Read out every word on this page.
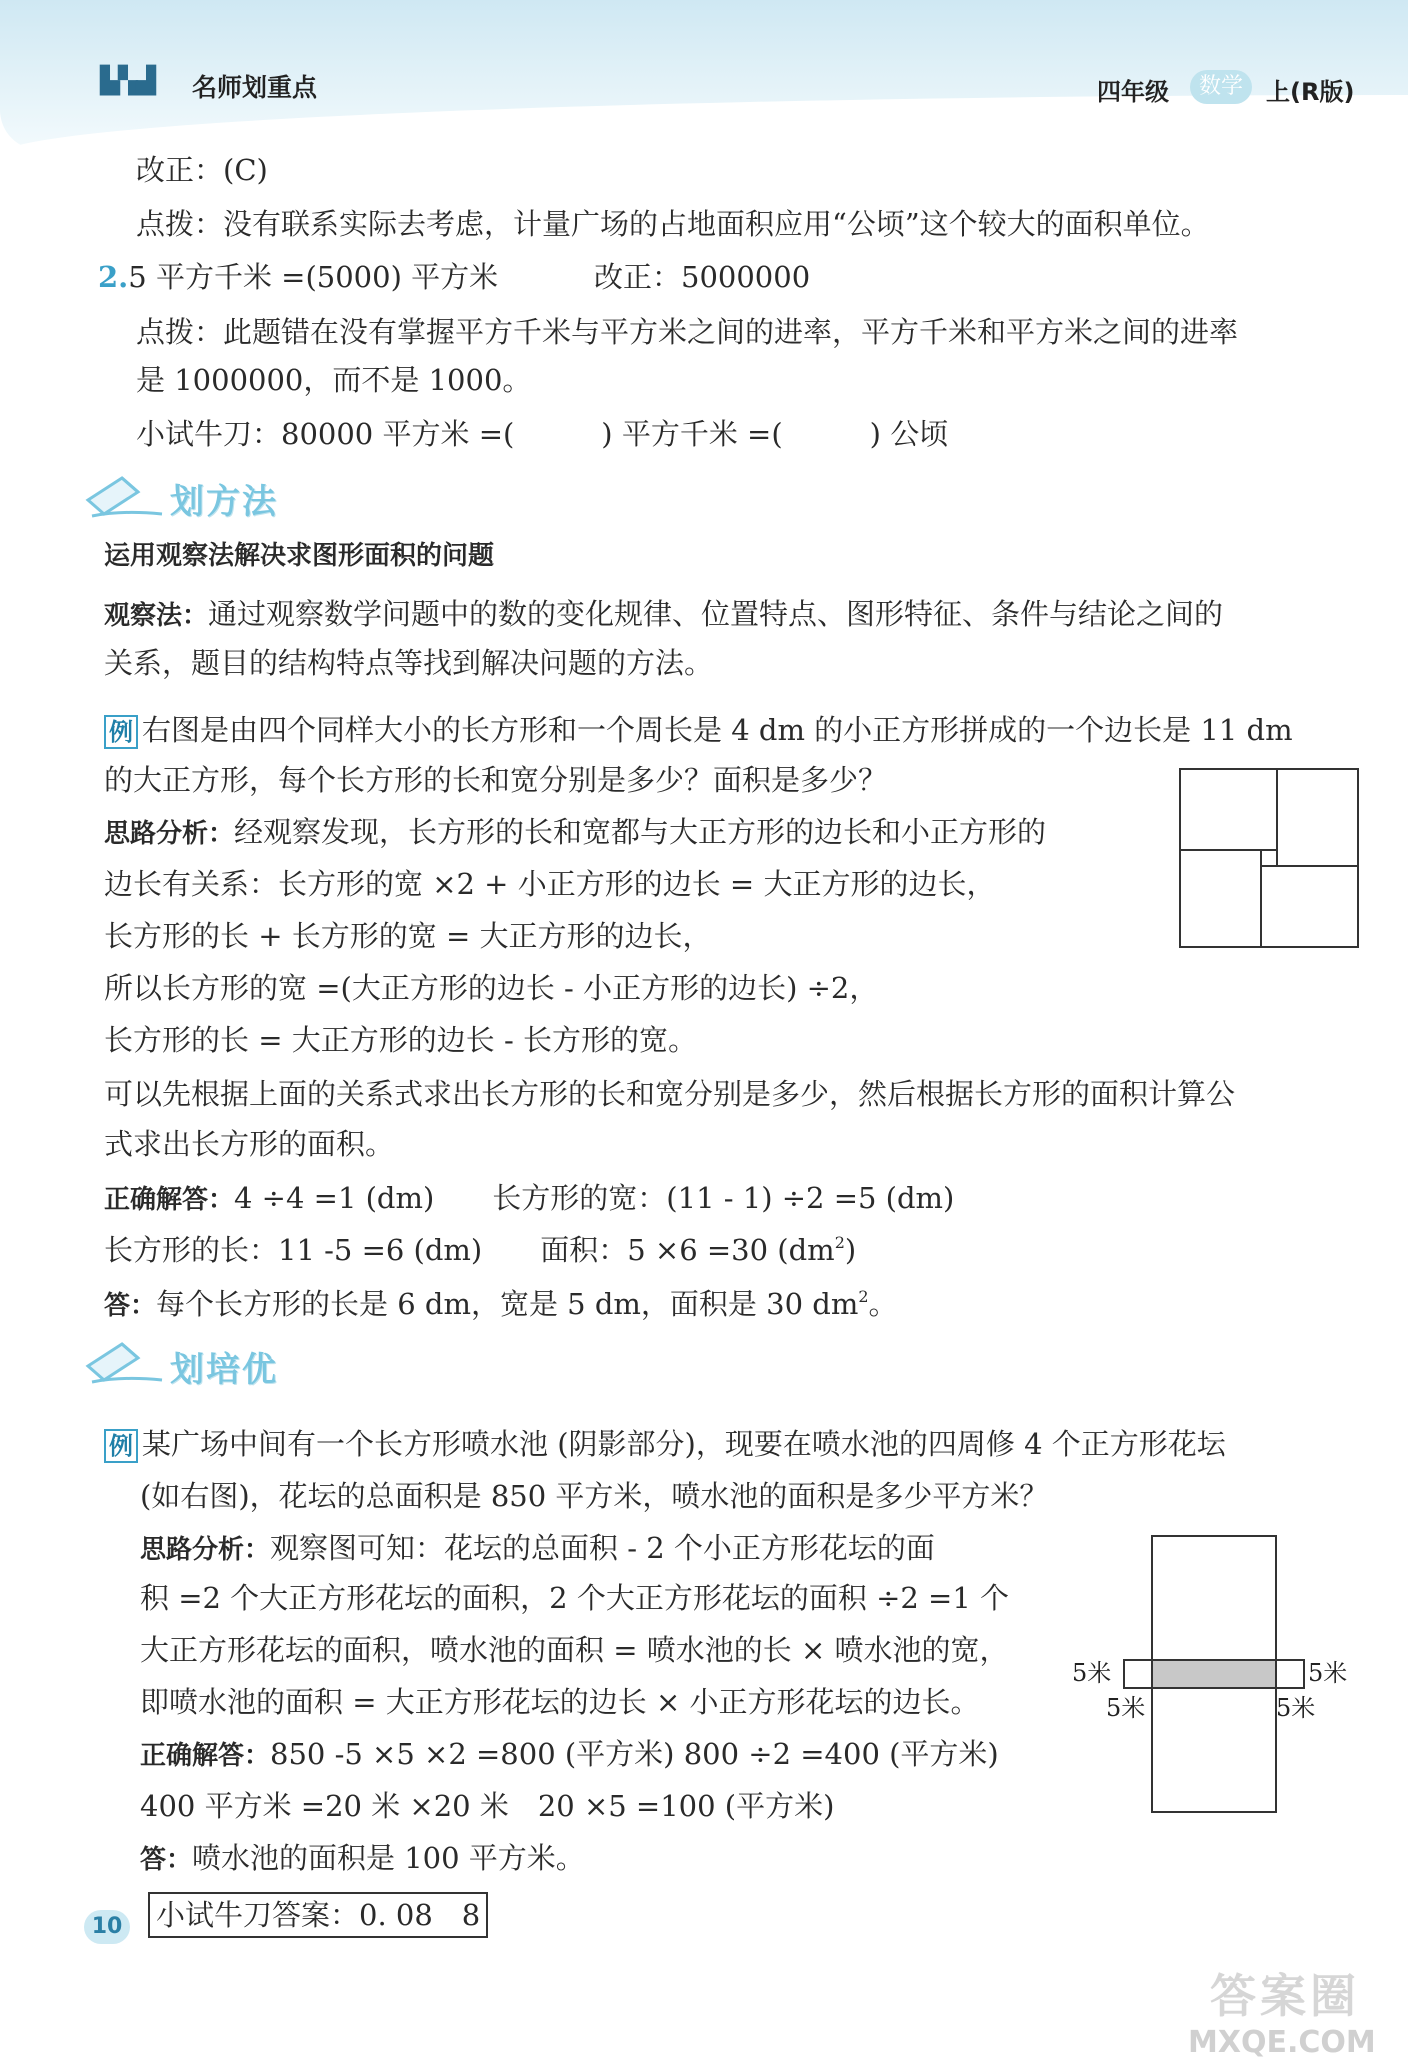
▙▚▟	名师划重点	四年级	数学 上(R版)
改正：(C)
点拨：没有联系实际去考虑，计量广场的占地面积应用“公顷”这个较大的面积单位。
2.5 平方千米 =(5000) 平方米	改正：5000000
点拨：此题错在没有掌握平方千米与平方米之间的进率，平方千米和平方米之间的进率
是 1000000，而不是 1000。
小试牛刀：80000 平方米 =(　　　) 平方千米 =(　　　) 公顷
划方法
运用观察法解决求图形面积的问题
观察法：通过观察数学问题中的数的变化规律、位置特点、图形特征、条件与结论之间的
关系，题目的结构特点等找到解决问题的方法。
例 右图是由四个同样大小的长方形和一个周长是 4 dm 的小正方形拼成的一个边长是 11 dm
的大正方形，每个长方形的长和宽分别是多少？面积是多少？
思路分析：经观察发现，长方形的长和宽都与大正方形的边长和小正方形的
边长有关系：长方形的宽 ×2 + 小正方形的边长 = 大正方形的边长，
长方形的长 + 长方形的宽 = 大正方形的边长，
所以长方形的宽 =(大正方形的边长 - 小正方形的边长) ÷2，
长方形的长 = 大正方形的边长 - 长方形的宽。
可以先根据上面的关系式求出长方形的长和宽分别是多少，然后根据长方形的面积计算公
式求出长方形的面积。
正确解答：4 ÷4 =1 (dm)　　长方形的宽：(11 - 1) ÷2 =5 (dm)
长方形的长：11 -5 =6 (dm)　　面积：5 ×6 =30 $(dm^2)$
答：每个长方形的长是 6 dm，宽是 5 dm，面积是 30 $dm^2$。
划培优
例 某广场中间有一个长方形喷水池 (阴影部分)，现要在喷水池的四周修 4 个正方形花坛
(如右图)，花坛的总面积是 850 平方米，喷水池的面积是多少平方米？
思路分析：观察图可知：花坛的总面积 - 2 个小正方形花坛的面
积 =2 个大正方形花坛的面积，2 个大正方形花坛的面积 ÷2 =1 个
大正方形花坛的面积，喷水池的面积 = 喷水池的长 × 喷水池的宽，
即喷水池的面积 = 大正方形花坛的边长 × 小正方形花坛的边长。
正确解答：850 -5 ×5 ×2 =800 (平方米) 800 ÷2 =400 (平方米)
400 平方米 =20 米 ×20 米　20 ×5 =100 (平方米)
答：喷水池的面积是 100 平方米。
5米	5米
5米	5米
小试牛刀答案：0. 08　8
10
答案圈
MXQE.COM
